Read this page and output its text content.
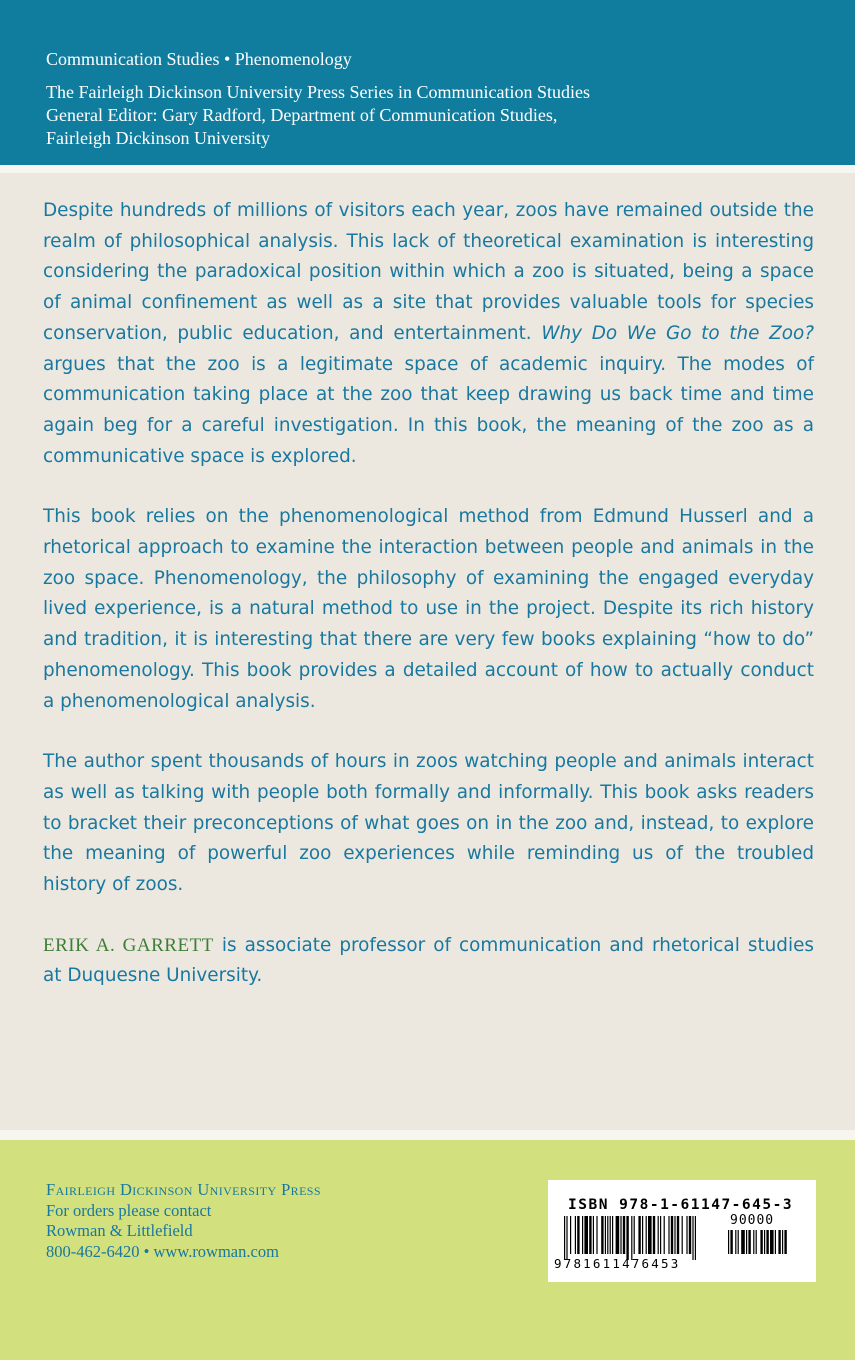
Communication Studies • Phenomenology
The Fairleigh Dickinson University Press Series in Communication Studies
General Editor: Gary Radford, Department of Communication Studies,
Fairleigh Dickinson University

Despite hundreds of millions of visitors each year, zoos have remained outside the realm of philosophical analysis. This lack of theoretical examination is interesting considering the paradoxical position within which a zoo is situated, being a space of animal confinement as well as a site that provides valuable tools for species conservation, public education, and entertainment. Why Do We Go to the Zoo? argues that the zoo is a legitimate space of academic inquiry. The modes of communication taking place at the zoo that keep drawing us back time and time again beg for a careful investigation. In this book, the meaning of the zoo as a communicative space is explored.

This book relies on the phenomenological method from Edmund Husserl and a rhetorical approach to examine the interaction between people and animals in the zoo space. Phenomenology, the philosophy of examining the engaged everyday lived experience, is a natural method to use in the project. Despite its rich history and tradition, it is interesting that there are very few books explaining “how to do” phenomenology. This book provides a detailed account of how to actually conduct a phenomenological analysis.

The author spent thousands of hours in zoos watching people and animals interact as well as talking with people both formally and informally. This book asks readers to bracket their preconceptions of what goes on in the zoo and, instead, to explore the meaning of powerful zoo experiences while reminding us of the troubled history of zoos.

ERIK A. GARRETT is associate professor of communication and rhetorical studies at Duquesne University.

Fairleigh Dickinson University Press
For orders please contact
Rowman & Littlefield
800-462-6420 • www.rowman.com
ISBN 978-1-61147-645-3
90000
9781611476453
